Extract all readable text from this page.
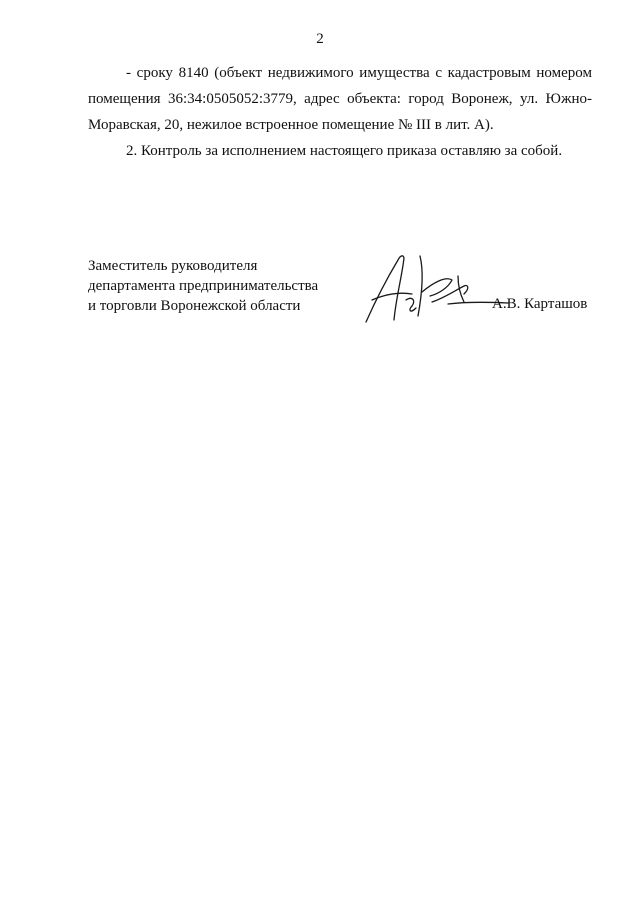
2

- сроку 8140 (объект недвижимого имущества с кадастровым номером помещения 36:34:0505052:3779, адрес объекта: город Воронеж, ул. Южно-Моравская, 20, нежилое встроенное помещение № III в лит. А).

2. Контроль за исполнением настоящего приказа оставляю за собой.

Заместитель руководителя
департамента предпринимательства
и торговли Воронежской области	А.В. Карташов
